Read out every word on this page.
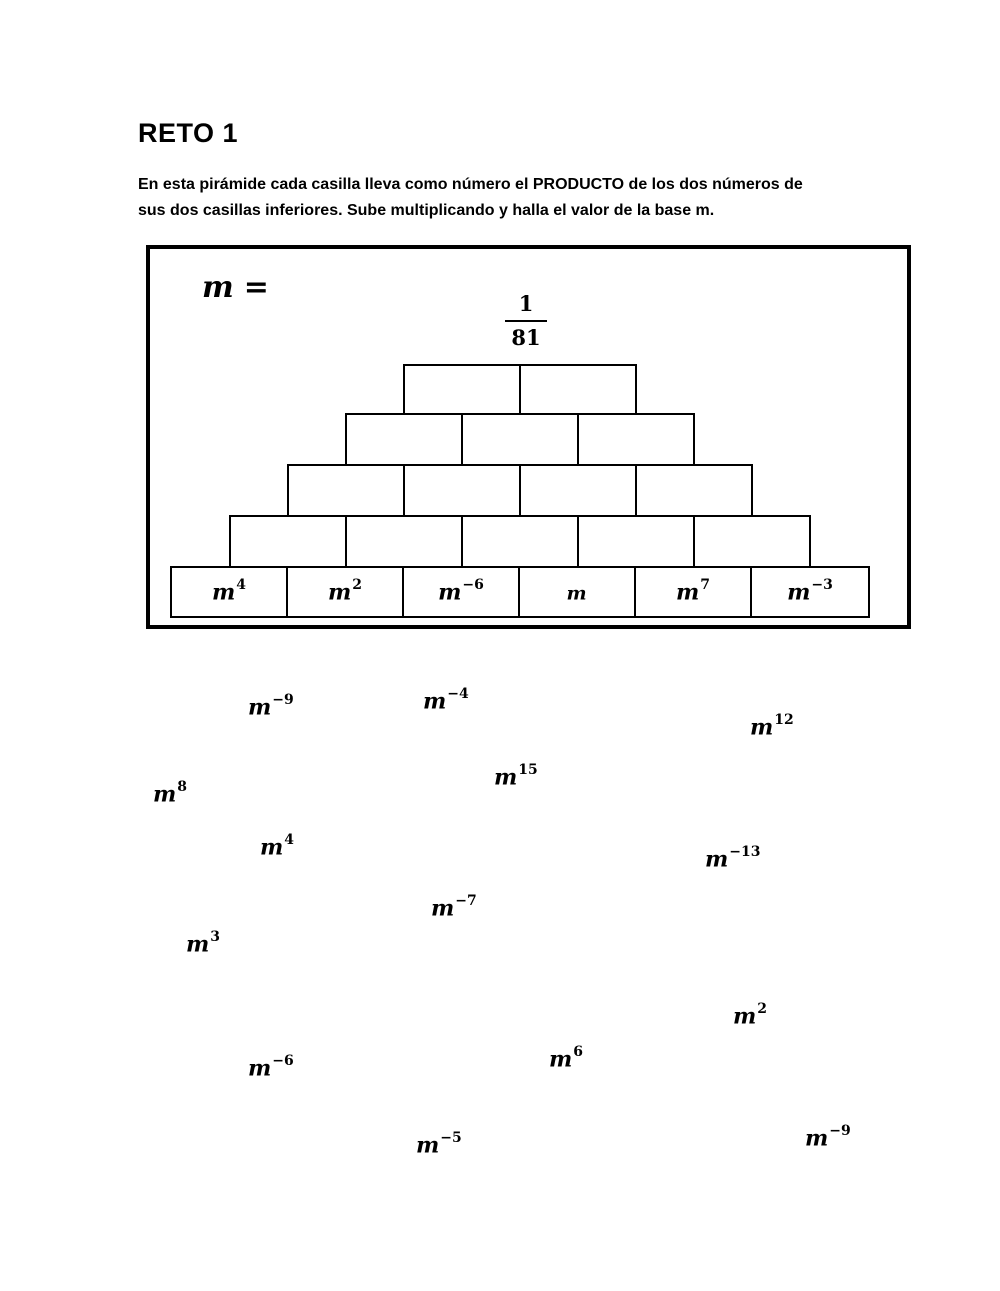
RETO 1
En esta pirámide cada casilla lleva como número el PRODUCTO de los dos números de
sus dos casillas inferiores. Sube multiplicando y halla el valor de la base m.
m =	1
81
$m^4$	$m^2$	$m^{-6}$	m	$m^7$	$m^{-3}$
$m^{-9}$	$m^{-4}$
$m^{12}$
$m^{15}$
$m^8$
$m^4$
$m^{-13}$
$m^{-7}$
$m^3$
$m^2$
$m^6$
$m^{-6}$
$m^{-5}$	$m^{-9}$
